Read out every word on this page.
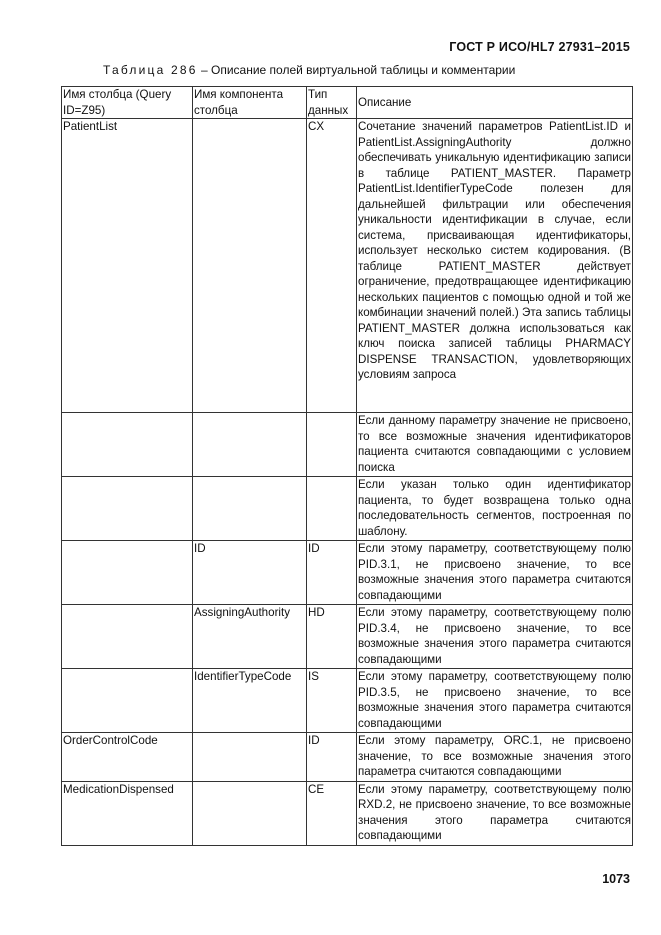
ГОСТ Р ИСО/HL7 27931–2015
Таблица 286 – Описание полей виртуальной таблицы и комментарии
Имя столбца (Query ID=Z95)	Имя компонента столбца	Тип данных	Описание
PatientList		CX	Сочетание значений параметров PatientList.ID и PatientList.AssigningAuthority должно обеспечивать уникальную идентификацию записи в таблице PATIENT_MASTER. Параметр PatientList.IdentifierTypeCode полезен для дальнейшей фильтрации или обеспечения уникальности идентификации в случае, если система, присваивающая идентификаторы, использует несколько систем кодирования. (В таблице PATIENT_MASTER действует ограничение, предотвращающее идентификацию нескольких пациентов с помощью одной и той же комбинации значений полей.) Эта запись таблицы PATIENT_MASTER должна использоваться как ключ поиска записей таблицы PHARMACY DISPENSE TRANSACTION, удовлетворяющих условиям запроса
			Если данному параметру значение не присвоено, то все возможные значения идентификаторов пациента считаются совпадающими с условием поиска
			Если указан только один идентификатор пациента, то будет возвращена только одна последовательность сегментов, построенная по шаблону.
	ID	ID	Если этому параметру, соответствующему полю PID.3.1, не присвоено значение, то все возможные значения этого параметра считаются совпадающими
	AssigningAuthority	HD	Если этому параметру, соответствующему полю PID.3.4, не присвоено значение, то все возможные значения этого параметра считаются совпадающими
	IdentifierTypeCode	IS	Если этому параметру, соответствующему полю PID.3.5, не присвоено значение, то все возможные значения этого параметра считаются совпадающими
OrderControlCode		ID	Если этому параметру, ORC.1, не присвоено значение, то все возможные значения этого параметра считаются совпадающими
MedicationDispensed		CE	Если этому параметру, соответствующему полю RXD.2, не присвоено значение, то все возможные значения этого параметра считаются совпадающими
1073
